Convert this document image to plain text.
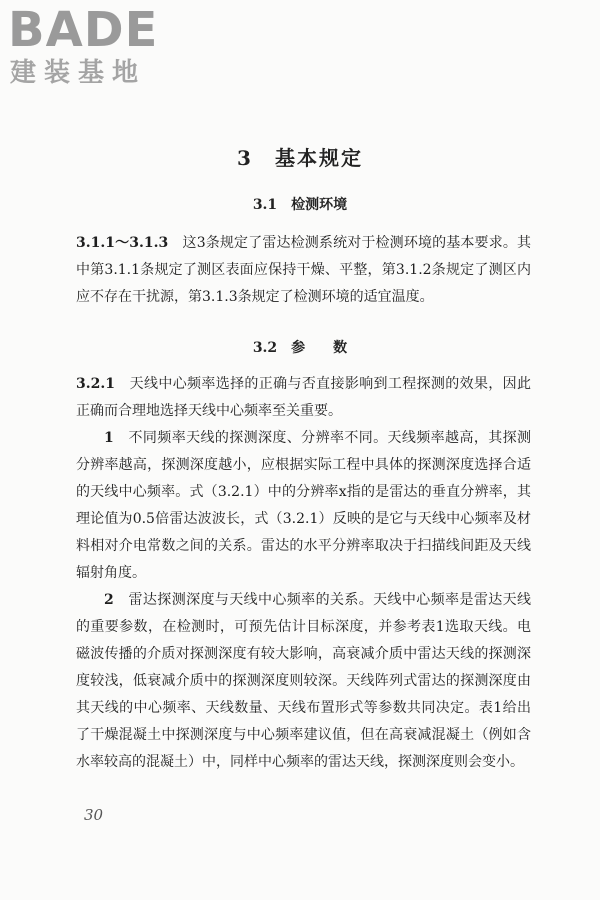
BADE
建装基地
3　基本规定
3.1　检测环境

3.1.1～3.1.3　这3条规定了雷达检测系统对于检测环境的基本要求。其中第3.1.1条规定了测区表面应保持干燥、平整，第3.1.2条规定了测区内应不存在干扰源，第3.1.3条规定了检测环境的适宜温度。

3.2　参　　数

3.2.1　天线中心频率选择的正确与否直接影响到工程探测的效果，因此正确而合理地选择天线中心频率至关重要。

1　不同频率天线的探测深度、分辨率不同。天线频率越高，其探测分辨率越高，探测深度越小，应根据实际工程中具体的探测深度选择合适的天线中心频率。式（3.2.1）中的分辨率x指的是雷达的垂直分辨率，其理论值为0.5倍雷达波波长，式（3.2.1）反映的是它与天线中心频率及材料相对介电常数之间的关系。雷达的水平分辨率取决于扫描线间距及天线辐射角度。

2　雷达探测深度与天线中心频率的关系。天线中心频率是雷达天线的重要参数，在检测时，可预先估计目标深度，并参考表1选取天线。电磁波传播的介质对探测深度有较大影响，高衰减介质中雷达天线的探测深度较浅，低衰减介质中的探测深度则较深。天线阵列式雷达的探测深度由其天线的中心频率、天线数量、天线布置形式等参数共同决定。表1给出了干燥混凝土中探测深度与中心频率建议值，但在高衰减混凝土（例如含水率较高的混凝土）中，同样中心频率的雷达天线，探测深度则会变小。

30
